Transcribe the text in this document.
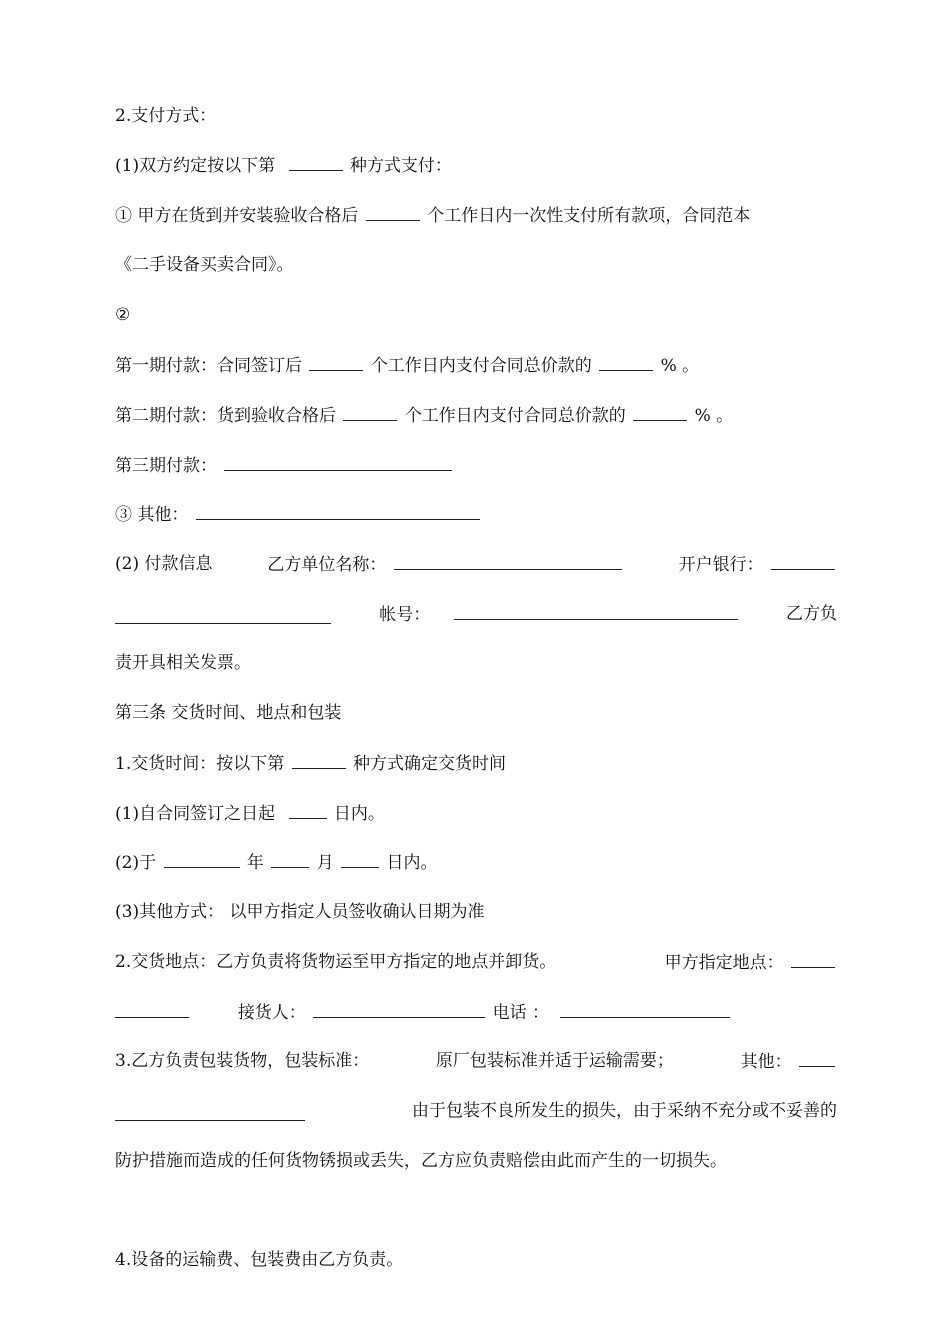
2.支付方式：
(1)双方约定按以下第	种方式支付：
① 甲方在货到并安装验收合格后	个工作日内一次性支付所有款项，合同范本
《二手设备买卖合同》。
②
第一期付款：合同签订后	个工作日内支付合同总价款的	% 。
第二期付款：货到验收合格后	个工作日内支付合同总价款的	% 。
第三期付款：
③ 其他：
(2) 付款信息	乙方单位名称：	开户银行：
帐号：	乙方负
责开具相关发票。
第三条 交货时间、地点和包装
1.交货时间：按以下第	种方式确定交货时间
(1)自合同签订之日起	日内。
(2)于	年	月	日内。
(3)其他方式： 以甲方指定人员签收确认日期为准
2.交货地点：乙方负责将货物运至甲方指定的地点并卸货。	甲方指定地点：
接货人：	电话 ：
3.乙方负责包装货物，包装标准：	原厂包装标准并适于运输需要；	其他：
由于包装不良所发生的损失，由于采纳不充分或不妥善的
防护措施而造成的任何货物锈损或丢失，乙方应负责赔偿由此而产生的一切损失。
4.设备的运输费、包装费由乙方负责。
